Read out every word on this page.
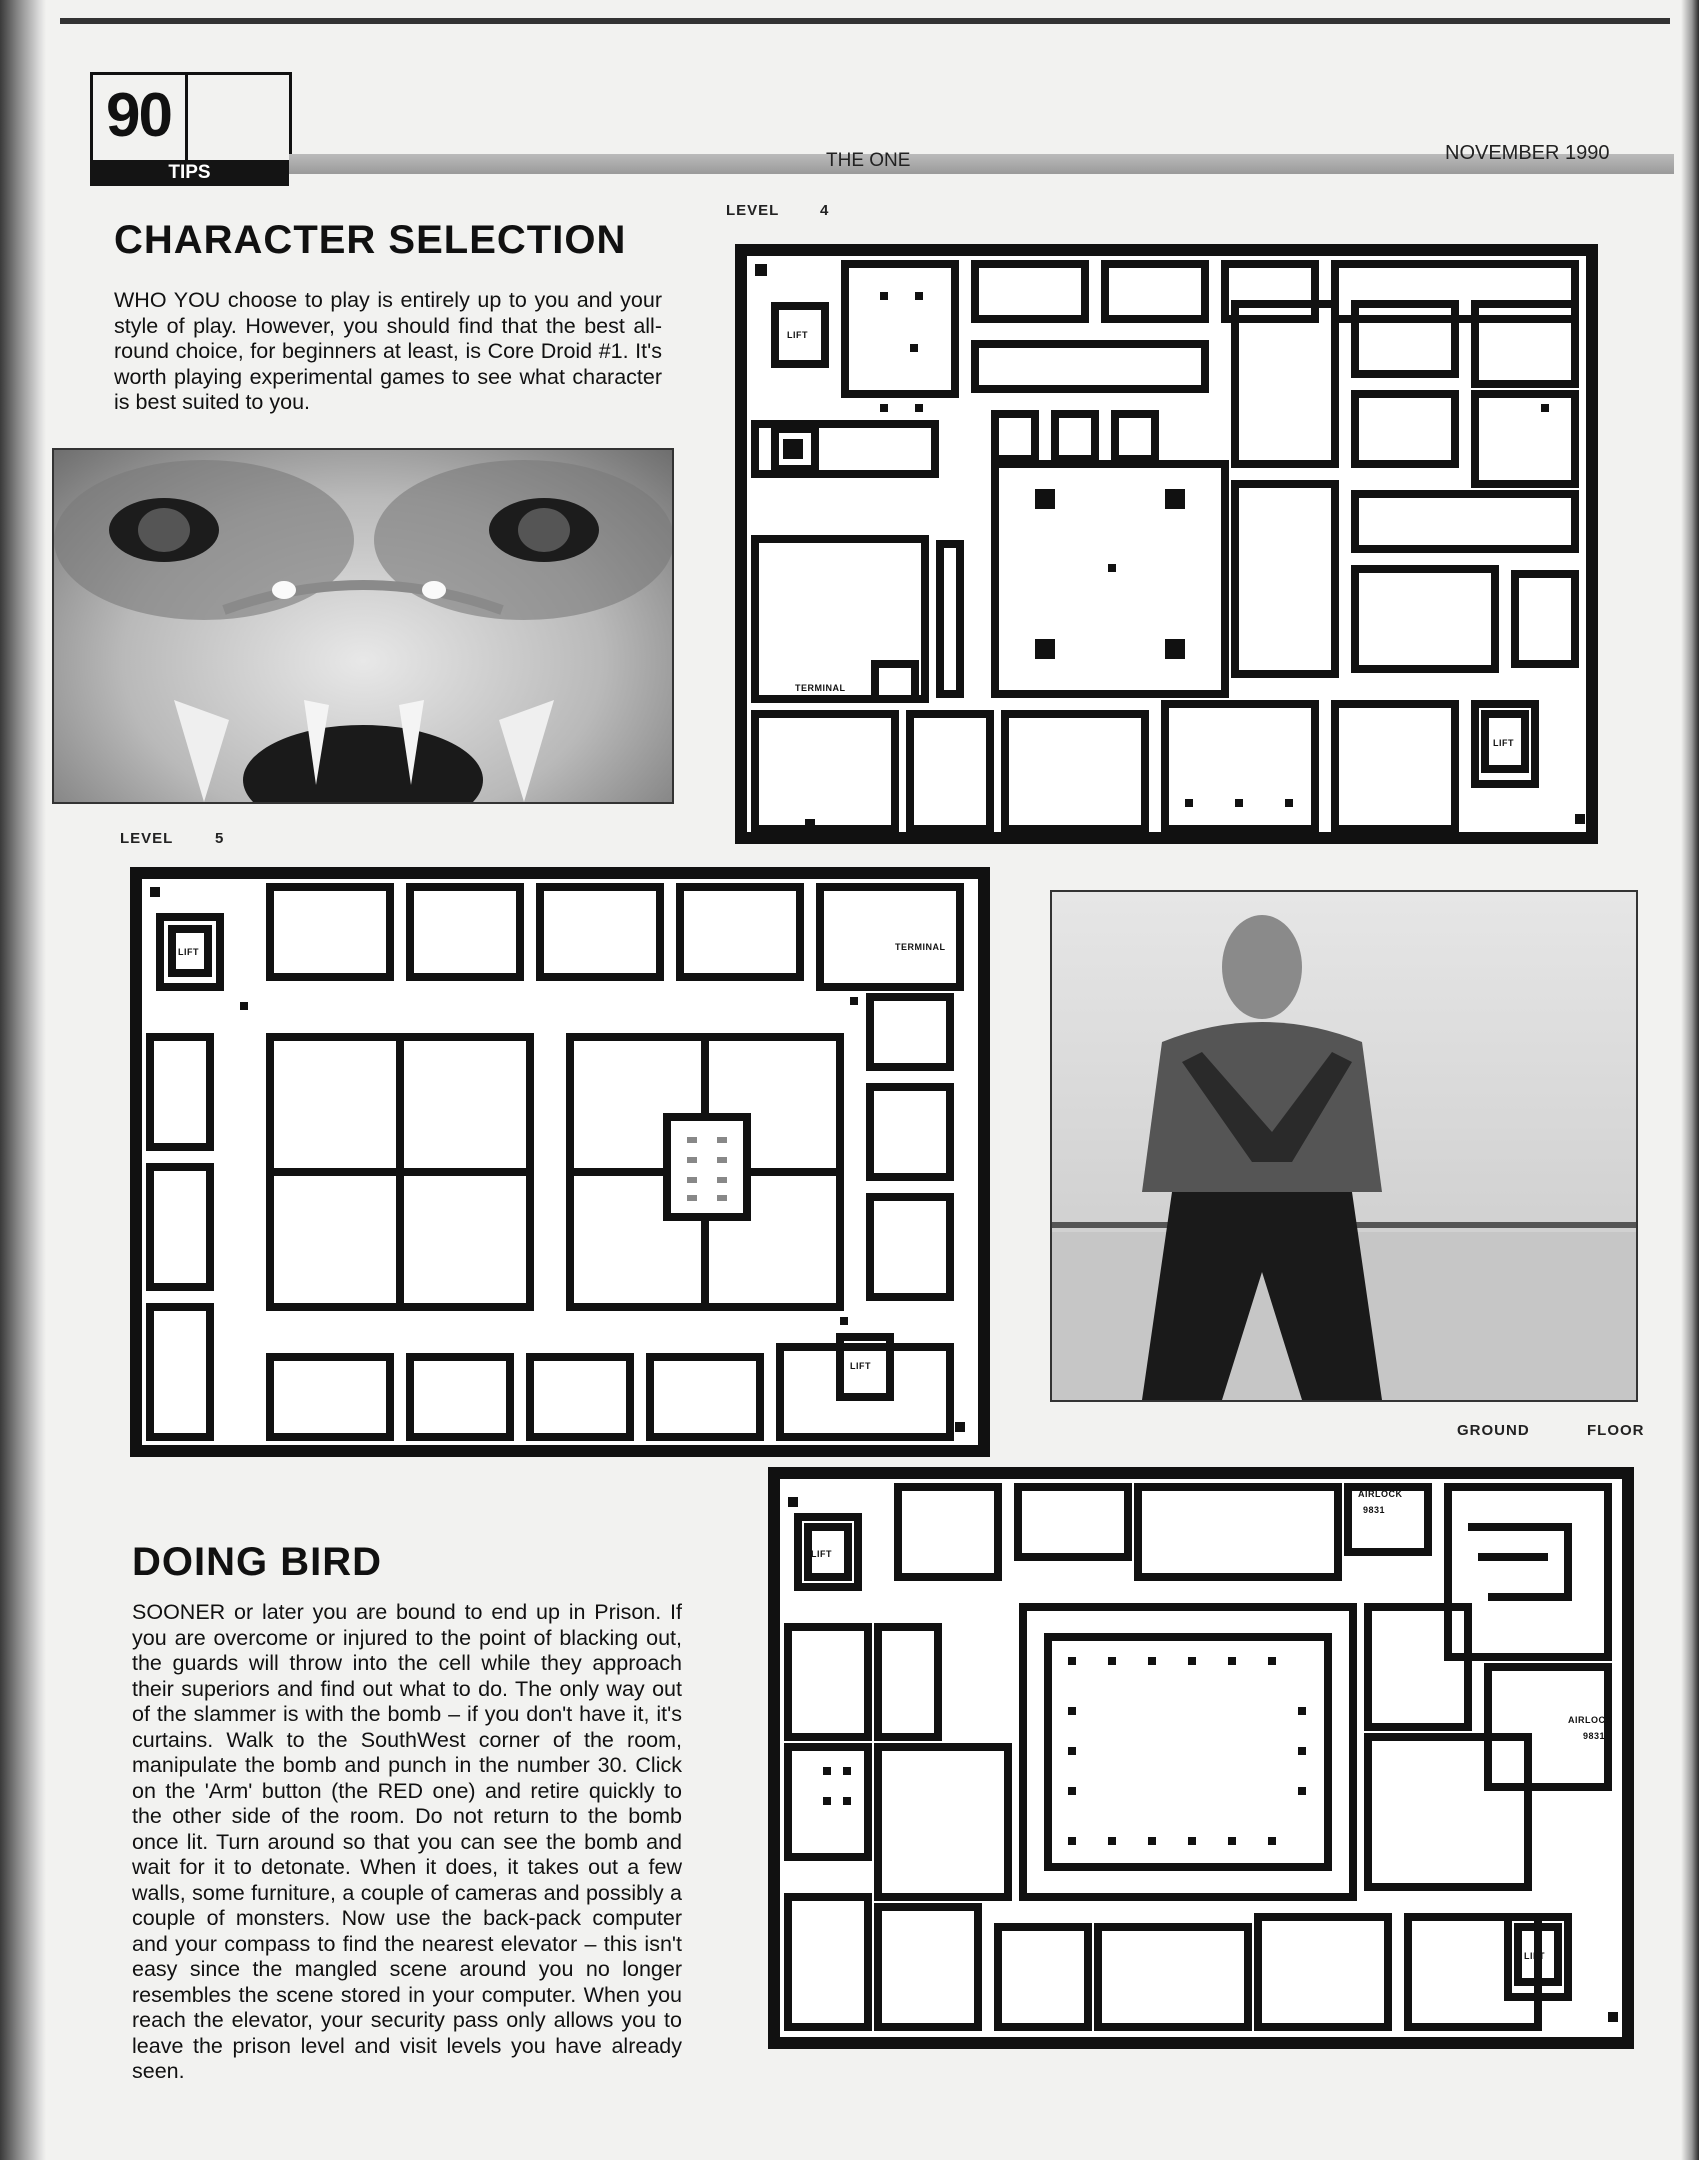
90
TIPS
THE ONE	NOVEMBER 1990
CHARACTER SELECTION

WHO YOU choose to play is entirely up to you and your style of play. However, you should find that the best all-round choice, for beginners at least, is Core Droid #1. It's worth playing experimental games to see what character is best suited to you.

LEVEL	4
LEVEL	5
GROUND	FLOOR
LIFT
LIFT
TERMINAL
LIFT
LIFT
TERMINAL
LIFT
LIFT
AIRLOCK
9831
AIRLOCK
9831
DOING BIRD

SOONER or later you are bound to end up in Prison. If you are overcome or injured to the point of blacking out, the guards will throw into the cell while they approach their superiors and find out what to do. The only way out of the slammer is with the bomb – if you don't have it, it's curtains. Walk to the SouthWest corner of the room, manipulate the bomb and punch in the number 30. Click on the 'Arm' button (the RED one) and retire quickly to the other side of the room. Do not return to the bomb once lit. Turn around so that you can see the bomb and wait for it to detonate. When it does, it takes out a few walls, some furniture, a couple of cameras and possibly a couple of monsters. Now use the back-pack computer and your compass to find the nearest elevator – this isn't easy since the mangled scene around you no longer resembles the scene stored in your computer. When you reach the elevator, your security pass only allows you to leave the prison level and visit levels you have already seen.
